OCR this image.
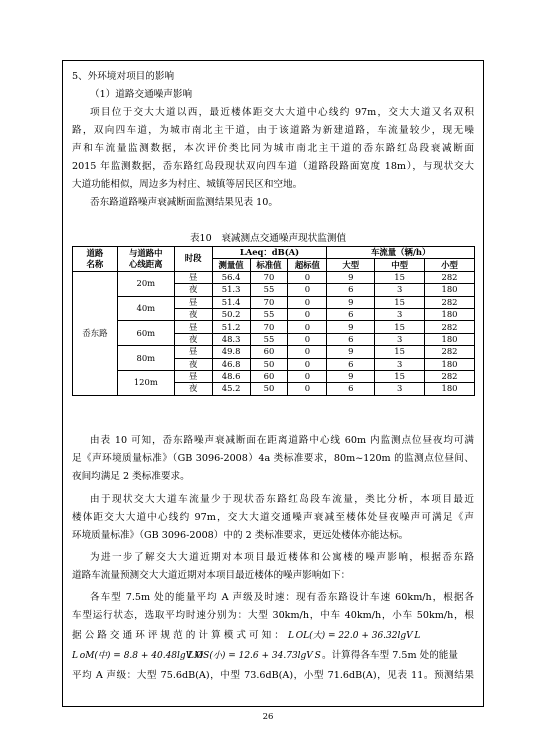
5、外环境对项目的影响
（1）道路交通噪声影响
项目位于交大大道以西，最近楼体距交大大道中心线约 97m，交大大道又名双积
路，双向四车道，为城市南北主干道，由于该道路为新建道路，车流量较少，现无噪
声和车流量监测数据，本次评价类比同为城市南北主干道的岙东路红岛段衰减断面
2015 年监测数据，岙东路红岛段现状双向四车道（道路段路面宽度 18m），与现状交大
大道功能相似，周边多为村庄、城镇等居民区和空地。
岙东路道路噪声衰减断面监测结果见表 10。
表10　衰减测点交通噪声现状监测值
道路
名称	与道路中
心线距离	时段	LAeq：dB(A)			车流量（辆/h）		
			测量值	标准值	超标值	大型	中型	小型
岙东路	20m	昼	56.4	70	0	9	15	282
		夜	51.3	55	0	6	3	180
	40m	昼	51.4	70	0	9	15	282
		夜	50.2	55	0	6	3	180
	60m	昼	51.2	70	0	9	15	282
		夜	48.3	55	0	6	3	180
	80m	昼	49.8	60	0	9	15	282
		夜	46.8	50	0	6	3	180
	120m	昼	48.6	60	0	9	15	282
		夜	45.2	50	0	6	3	180
由表 10 可知，岙东路噪声衰减断面在距离道路中心线 60m 内监测点位昼夜均可满
足《声环境质量标准》（GB 3096-2008）4a 类标准要求，80m~120m 的监测点位昼间、
夜间均满足 2 类标准要求。
由于现状交大大道车流量少于现状岙东路红岛段车流量，类比分析，本项目最近
楼体距交大大道中心线约 97m，交大大道交通噪声衰减至楼体处昼夜噪声可满足《声
环境质量标准》（GB 3096-2008）中的 2 类标准要求，更远处楼体亦能达标。
为进一步了解交大大道近期对本项目最近楼体和公寓楼的噪声影响，根据岙东路
道路车流量预测交大大道近期对本项目最近楼体的噪声影响如下：
各车型 7.5m 处的能量平均 A 声级及时速：现有岙东路设计车速 60km/h，根据各
车型运行状态，选取平均时速分别为：大型 30km/h，中车 40km/h，小车 50km/h，根
据 公 路 交 通 环 评 规 范 的 计 算 模 式 可 知 ： L OL(大) = 22.0 + 36.32lgV L
L oM(中) = 8.8 + 40.48lgV M
L OS(小) = 12.6 + 34.73lgV S 。计算得各车型 7.5m 处的能量
平均 A 声级：大型 75.6dB(A)，中型 73.6dB(A)，小型 71.6dB(A)，见表 11。预测结果
26
